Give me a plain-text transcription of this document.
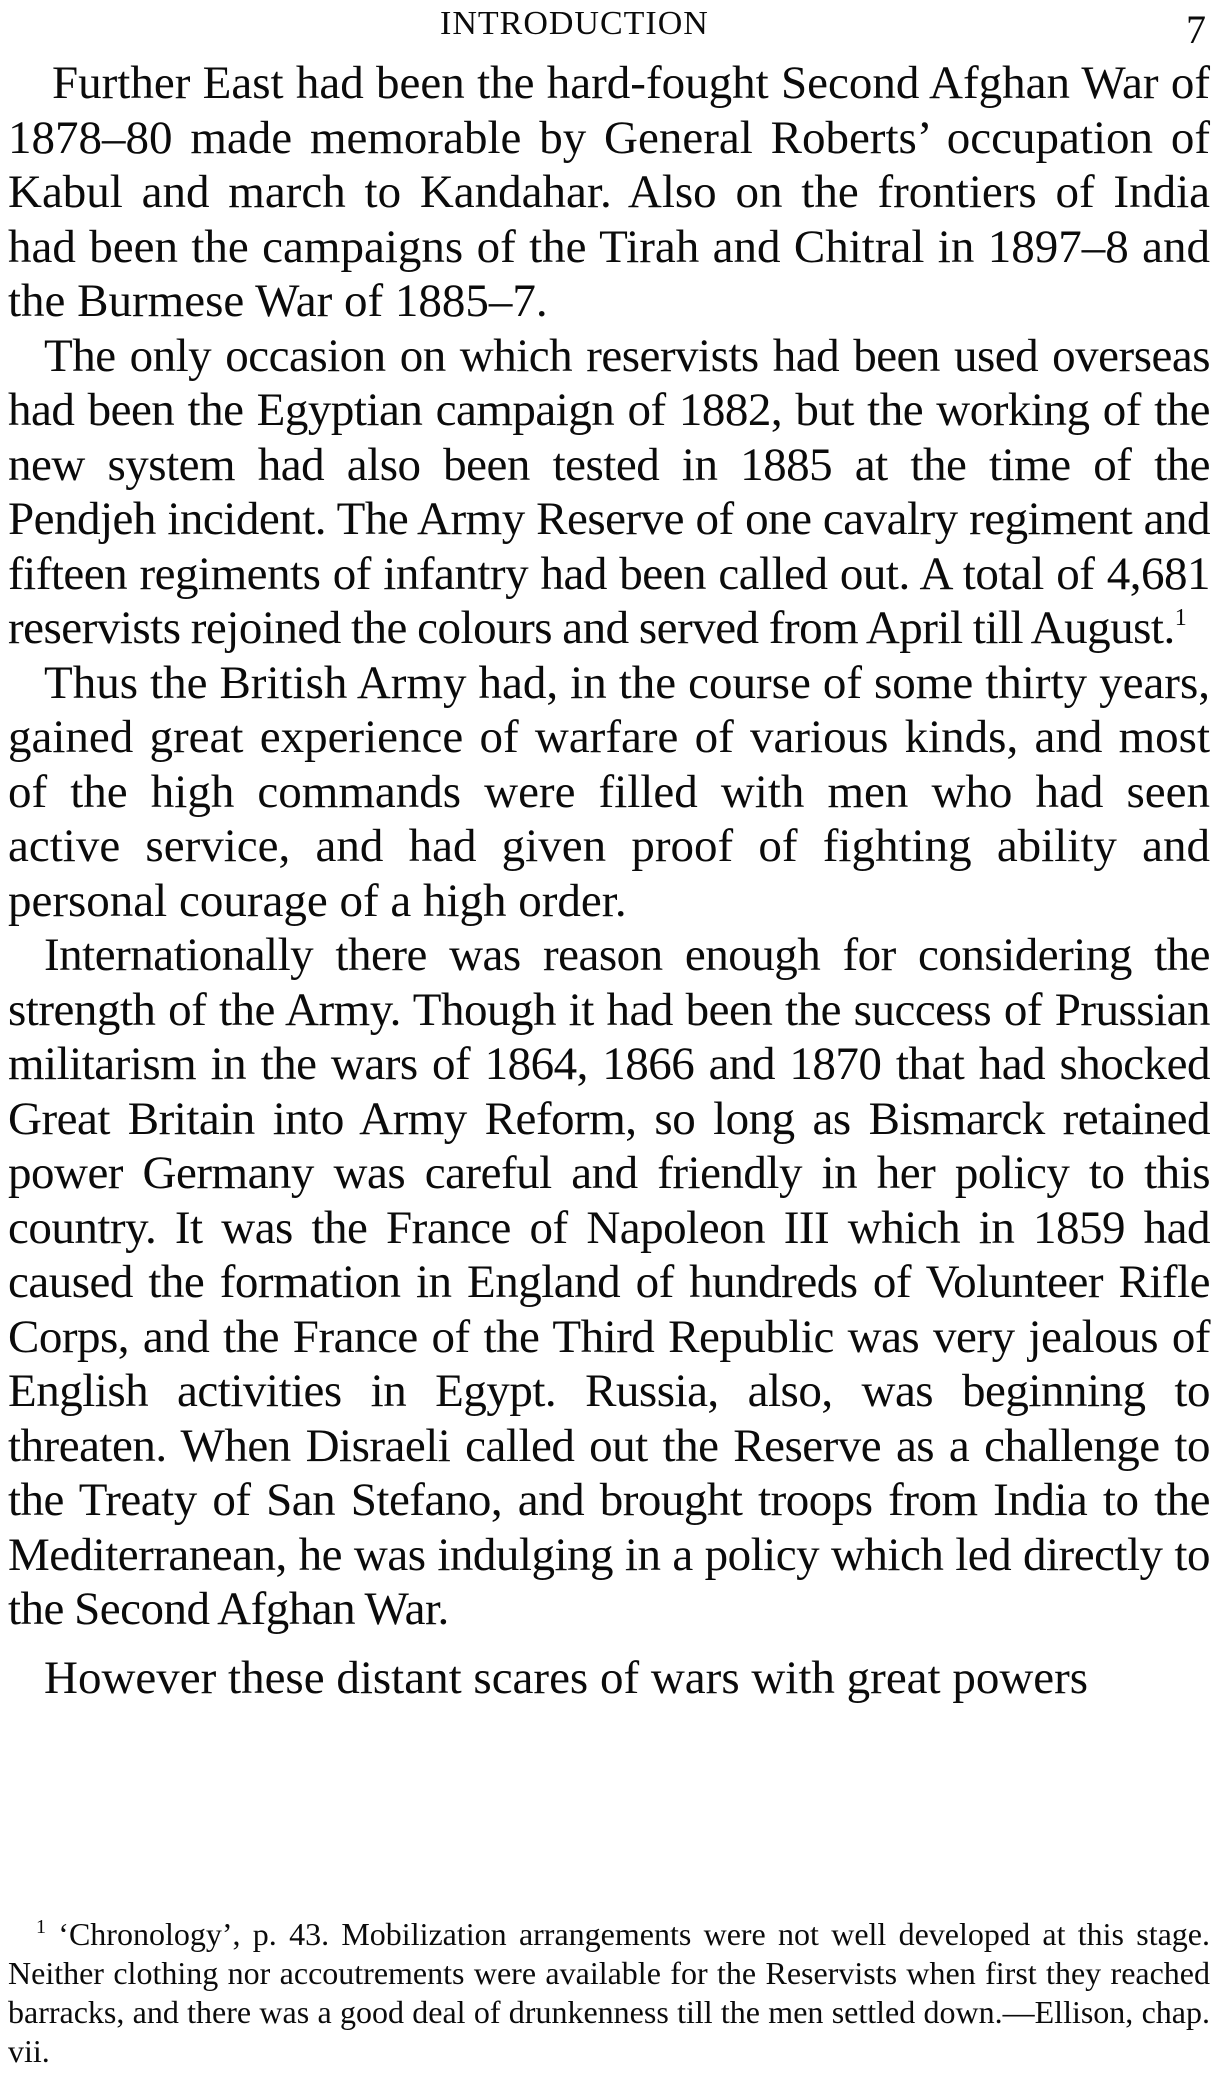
INTRODUCTION	7

Further East had been the hard-fought Second Afghan War of 1878–80 made memorable by General Roberts’ occupation of Kabul and march to Kandahar. Also on the frontiers of India had been the campaigns of the Tirah and Chitral in 1897–8 and the Burmese War of 1885–7.

The only occasion on which reservists had been used overseas had been the Egyptian campaign of 1882, but the working of the new system had also been tested in 1885 at the time of the Pendjeh incident. The Army Reserve of one cavalry regiment and fifteen regiments of infantry had been called out. A total of 4,681 reservists rejoined the colours and served from April till August.$^1$

Thus the British Army had, in the course of some thirty years, gained great experience of warfare of various kinds, and most of the high commands were filled with men who had seen active service, and had given proof of fighting ability and personal courage of a high order.

Internationally there was reason enough for considering the strength of the Army. Though it had been the success of Prussian militarism in the wars of 1864, 1866 and 1870 that had shocked Great Britain into Army Reform, so long as Bismarck retained power Germany was careful and friendly in her policy to this country. It was the France of Napoleon III which in 1859 had caused the formation in England of hundreds of Volunteer Rifle Corps, and the France of the Third Republic was very jealous of English activities in Egypt. Russia, also, was beginning to threaten. When Disraeli called out the Reserve as a challenge to the Treaty of San Stefano, and brought troops from India to the Mediterranean, he was indulging in a policy which led directly to the Second Afghan War.

However these distant scares of wars with great powers

$^1$ ‘Chronology’, p. 43. Mobilization arrangements were not well developed at this stage. Neither clothing nor accoutrements were available for the Reservists when first they reached barracks, and there was a good deal of drunkenness till the men settled down.—Ellison, chap. vii.
